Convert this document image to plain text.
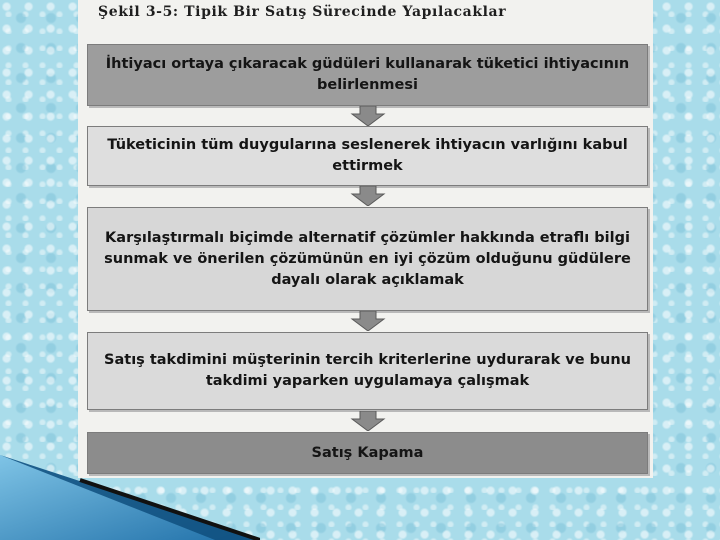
Şekil 3-5: Tipik Bir Satış Sürecinde Yapılacaklar
İhtiyacı ortaya çıkaracak güdüleri kullanarak tüketici ihtiyacının belirlenmesi
Tüketicinin tüm duygularına seslenerek ihtiyacın varlığını kabul ettirmek
Karşılaştırmalı biçimde alternatif çözümler hakkında etraflı bilgi sunmak ve önerilen çözümünün en iyi çözüm olduğunu güdülere dayalı olarak açıklamak
Satış takdimini müşterinin tercih kriterlerine uydurarak ve bunu takdimi yaparken uygulamaya çalışmak
Satış Kapama
